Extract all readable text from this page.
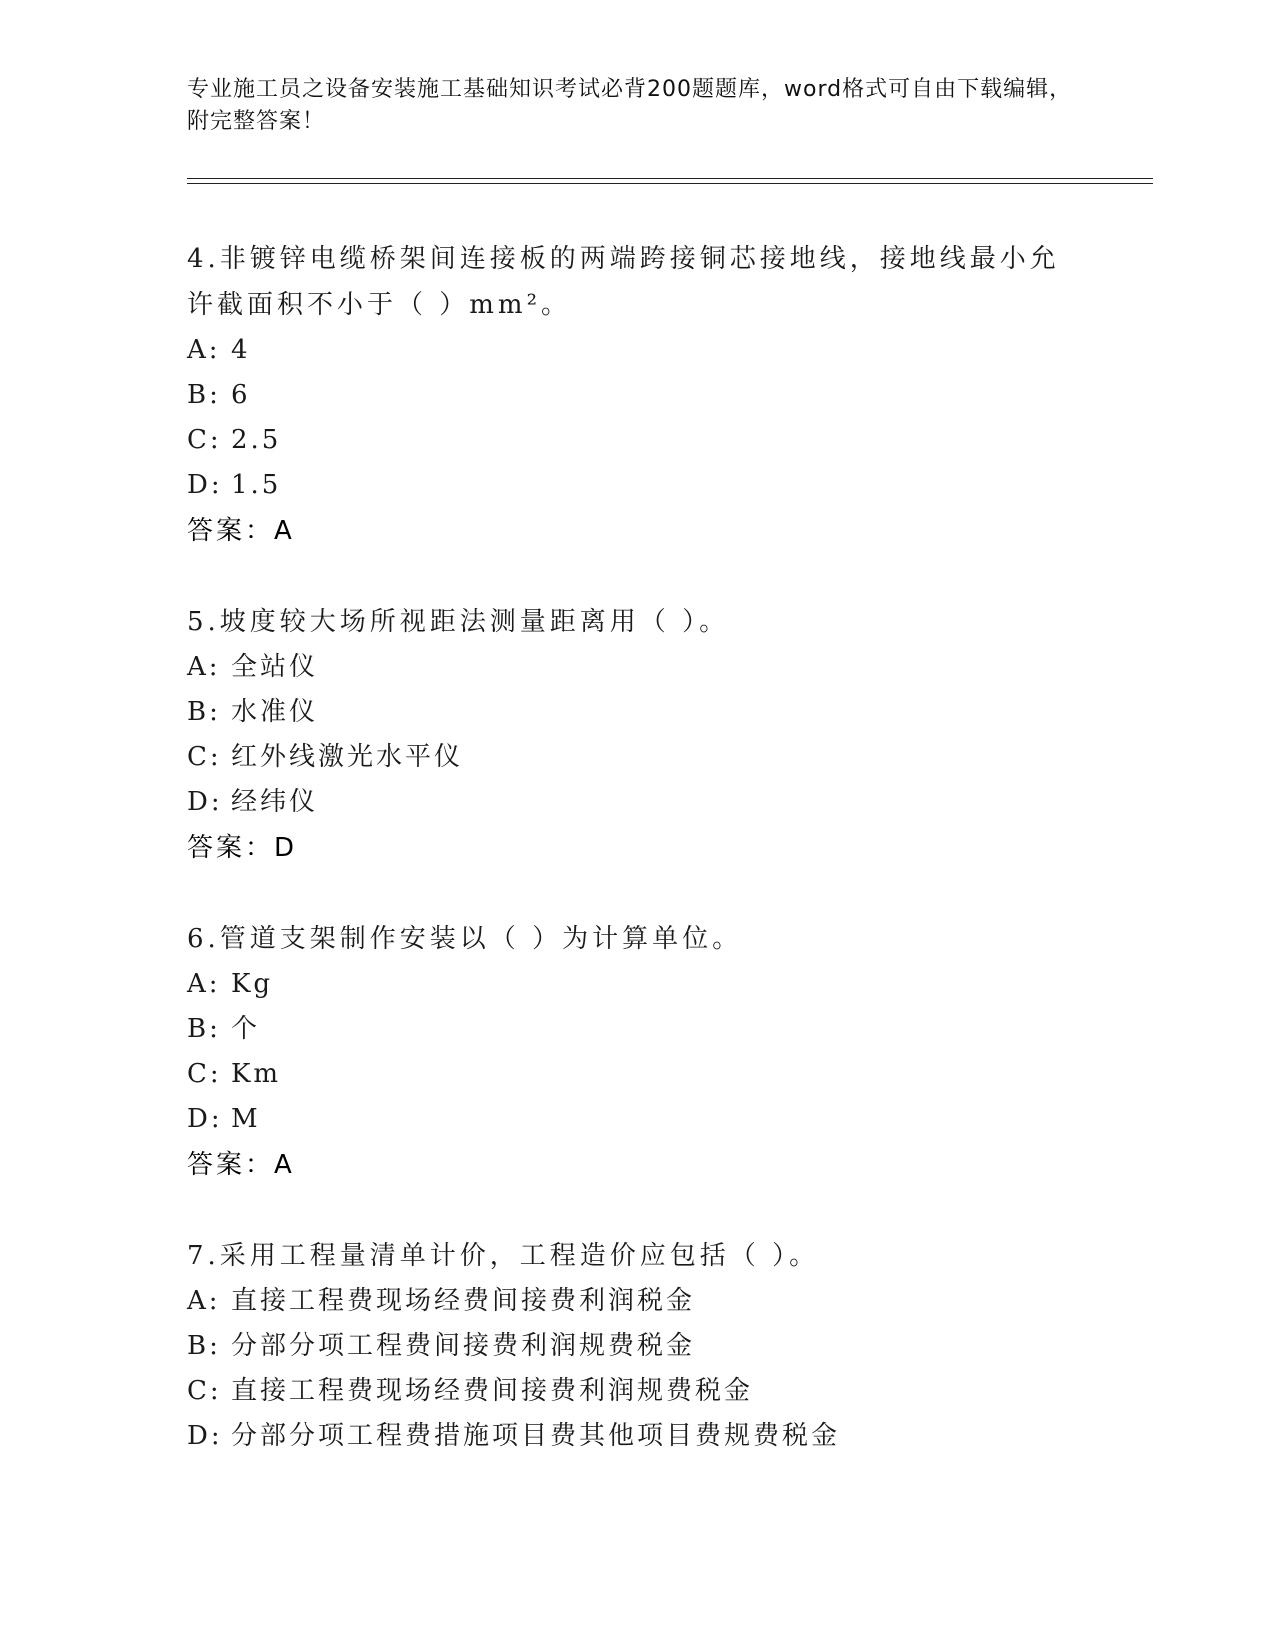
专业施工员之设备安装施工基础知识考试必背200题题库，word格式可自由下载编辑，附完整答案！
4.非镀锌电缆桥架间连接板的两端跨接铜芯接地线，接地线最小允许截面积不小于（ ）mm²。
A: 4
B: 6
C: 2.5
D: 1.5
答案：A
5.坡度较大场所视距法测量距离用（ ）。
A: 全站仪
B: 水准仪
C: 红外线激光水平仪
D: 经纬仪
答案：D
6.管道支架制作安装以（ ）为计算单位。
A: Kg
B: 个
C: Km
D: M
答案：A
7.采用工程量清单计价，工程造价应包括（ ）。
A: 直接工程费现场经费间接费利润税金
B: 分部分项工程费间接费利润规费税金
C: 直接工程费现场经费间接费利润规费税金
D: 分部分项工程费措施项目费其他项目费规费税金
